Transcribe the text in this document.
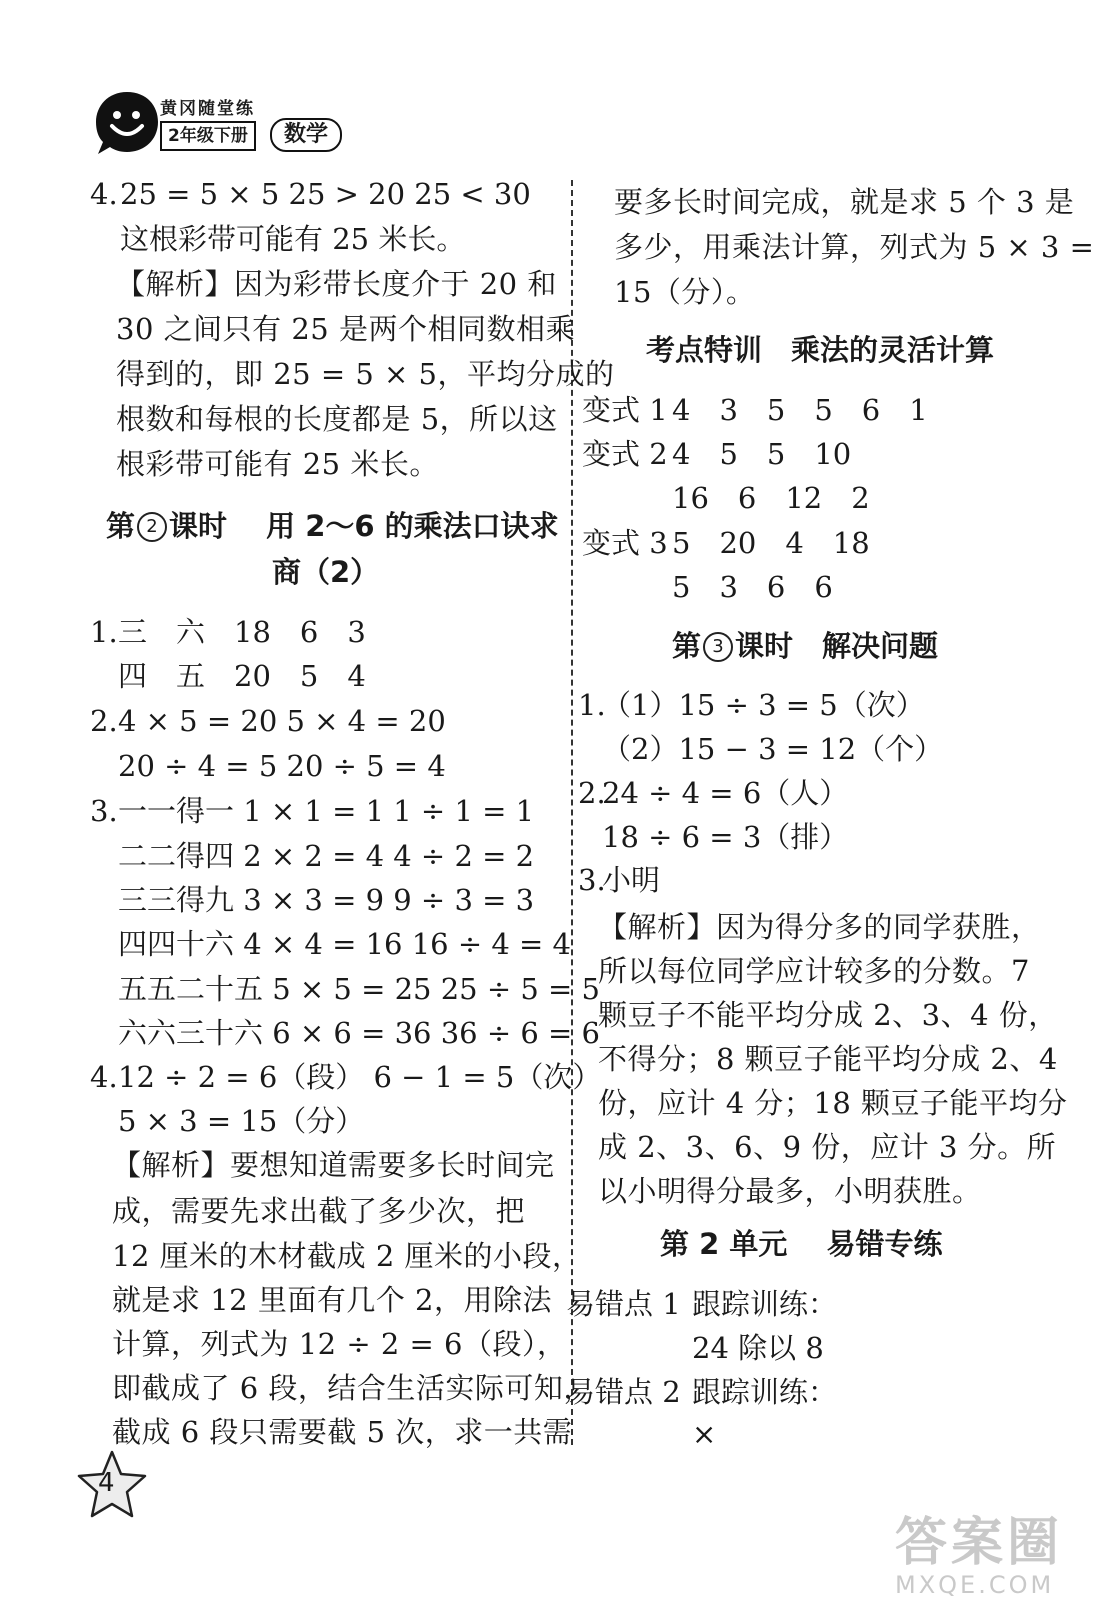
黄冈随堂练
2年级下册	数学
4. 25 = 5 × 5 25 > 20 25 < 30
这根彩带可能有 25 米长。
【解析】因为彩带长度介于 20 和
30 之间只有 25 是两个相同数相乘
得到的，即 25 = 5 × 5，平均分成的
根数和每根的长度都是 5，所以这
根彩带可能有 25 米长。
第 2 课时　 用 2～6 的乘法口诀求
商（2）
1. 三　六　18　6　3
四　五　20　5　4
2. 4 × 5 = 20 5 × 4 = 20
20 ÷ 4 = 5 20 ÷ 5 = 4
3. 一一得一 1 × 1 = 1 1 ÷ 1 = 1
二二得四 2 × 2 = 4 4 ÷ 2 = 2
三三得九 3 × 3 = 9 9 ÷ 3 = 3
四四十六 4 × 4 = 16 16 ÷ 4 = 4
五五二十五 5 × 5 = 25 25 ÷ 5 = 5
六六三十六 6 × 6 = 36 36 ÷ 6 = 6
4. 12 ÷ 2 = 6（段） 6 − 1 = 5（次）
5 × 3 = 15（分）
【解析】要想知道需要多长时间完
成，需要先求出截了多少次，把
12 厘米的木材截成 2 厘米的小段，
就是求 12 里面有几个 2，用除法
计算，列式为 12 ÷ 2 = 6（段），
即截成了 6 段，结合生活实际可知，
截成 6 段只需要截 5 次，求一共需
要多长时间完成，就是求 5 个 3 是
多少，用乘法计算，列式为 5 × 3 =
15（分）。
考点特训　乘法的灵活计算
变式 1 4　3　5　5　6　1
变式 2 4　5　5　10
16　6　12　2
变式 3 5　20　4　18
5　3　6　6
第 3 课时　解决问题
1.
（1）15 ÷ 3 = 5（次）
（2）15 − 3 = 12（个）
2.
24 ÷ 4 = 6（人）
18 ÷ 6 = 3（排）
3.
小明
【解析】因为得分多的同学获胜，
所以每位同学应计较多的分数。7
颗豆子不能平均分成 2、3、4 份，
不得分；8 颗豆子能平均分成 2、4
份，应计 4 分；18 颗豆子能平均分
成 2、3、6、9 份，应计 3 分。所
以小明得分最多，小明获胜。
第 2 单元　 易错专练
易错点 1 跟踪训练：
24 除以 8
易错点 2 跟踪训练：
×
4
答案圈
MXQE.COM
